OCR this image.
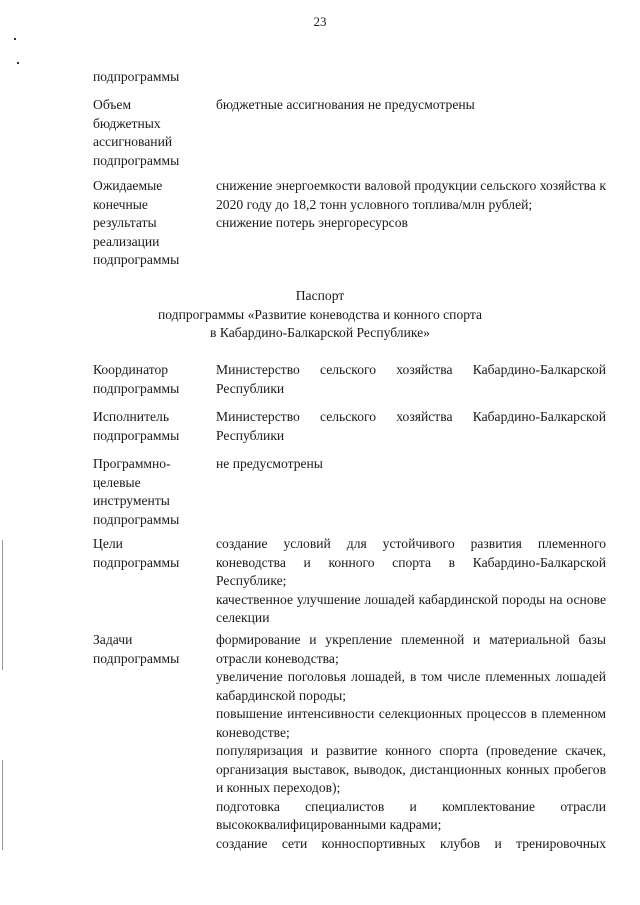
23

подпрограммы

Объем

бюджетных

ассигнований

подпрограммы

бюджетные ассигнования не предусмотрены

Ожидаемые

конечные

результаты

реализации

подпрограммы

снижение энергоемкости валовой продукции сельского хозяйства к 2020 году до 18,2 тонн условного топлива/млн рублей;

снижение потерь энергоресурсов

Паспорт

подпрограммы «Развитие коневодства и конного спорта

в Кабардино-Балкарской Республике»

Координатор

подпрограммы

Министерство сельского хозяйства Кабардино-Балкарской Республики

Исполнитель

подпрограммы

Министерство сельского хозяйства Кабардино-Балкарской Республики

Программно-

целевые

инструменты

подпрограммы

не предусмотрены

Цели

подпрограммы

создание условий для устойчивого развития племенного коневодства и конного спорта в Кабардино-Балкарской Республике;

качественное улучшение лошадей кабардинской породы на основе селекции

Задачи

подпрограммы

формирование и укрепление племенной и материальной базы отрасли коневодства;

увеличение поголовья лошадей, в том числе племенных лошадей кабардинской породы;

повышение интенсивности селекционных процессов в племенном коневодстве;

популяризация и развитие конного спорта (проведение скачек, организация выставок, выводок, дистанционных конных пробегов и конных переходов);

подготовка специалистов и комплектование отрасли высококвалифицированными кадрами;

создание сети конноспортивных клубов и тренировочных
